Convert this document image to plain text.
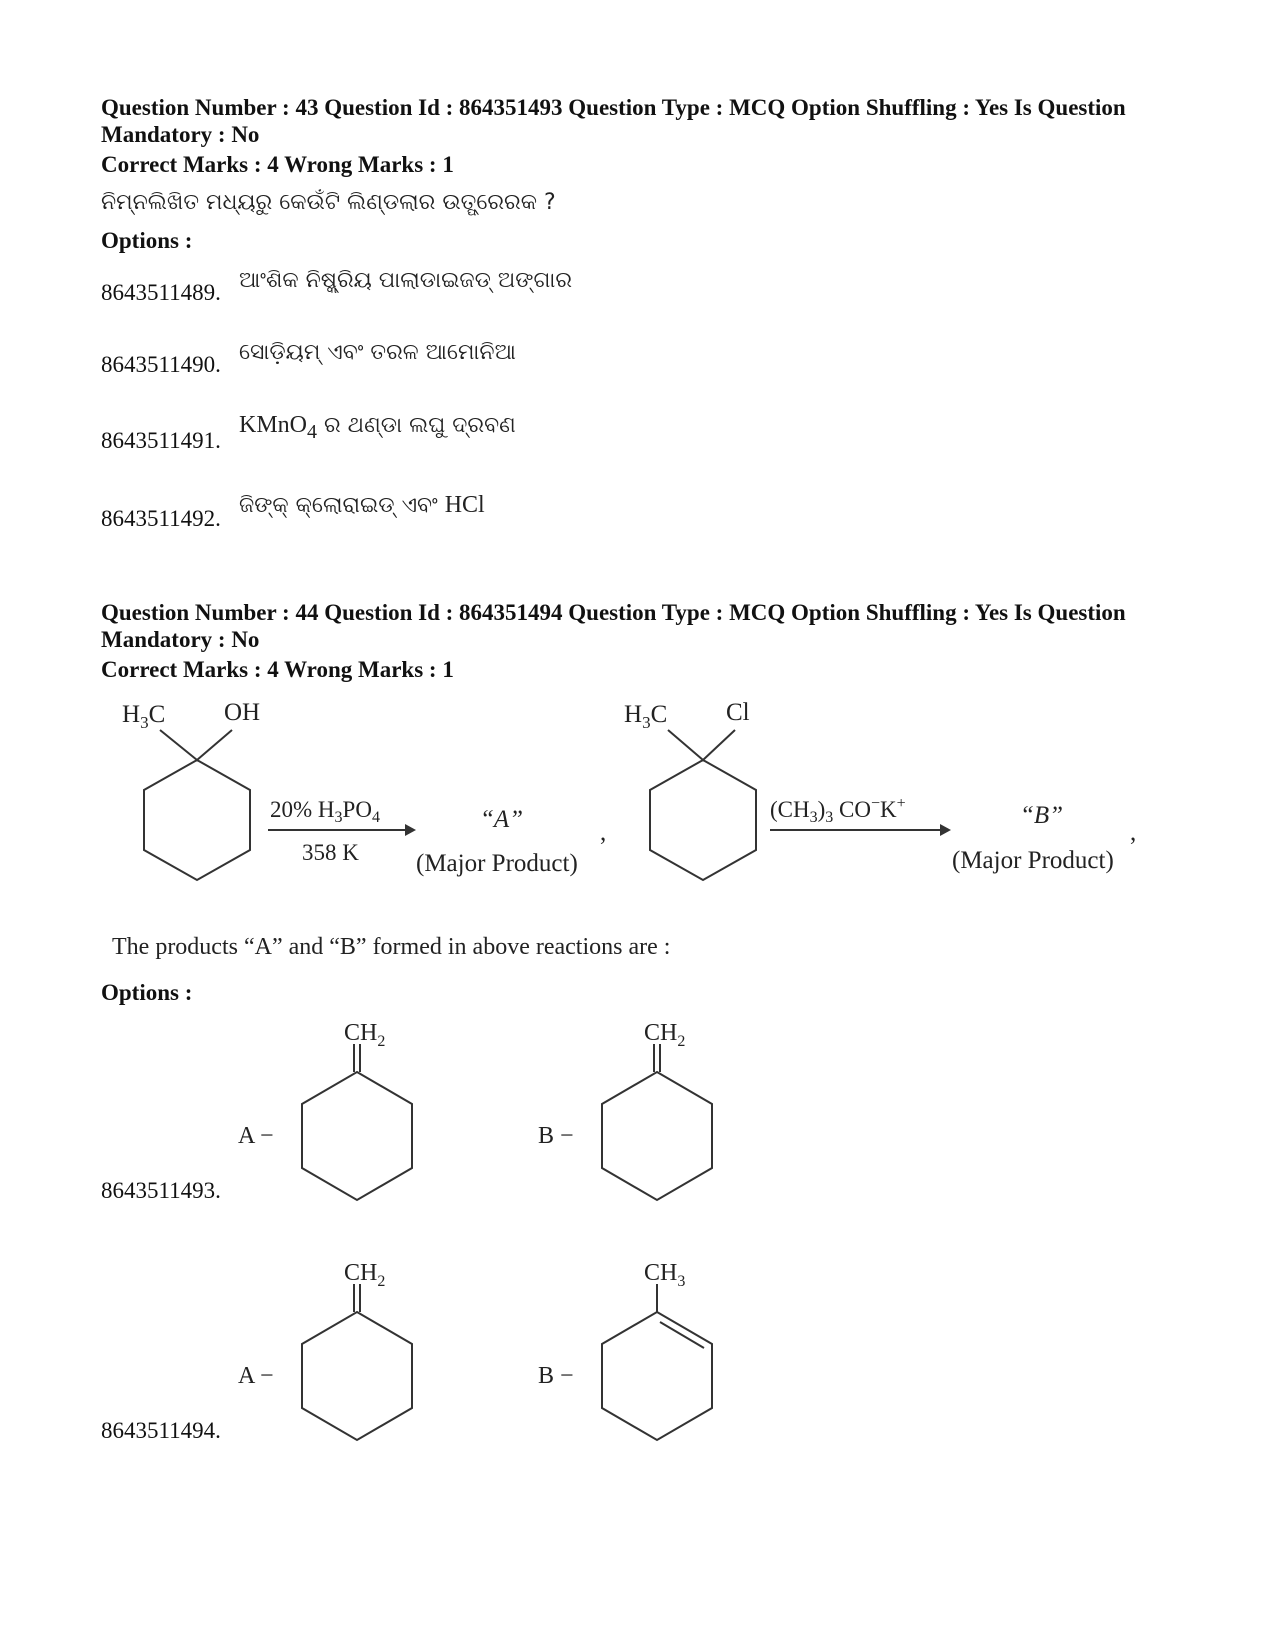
Question Number : 43 Question Id : 864351493 Question Type : MCQ Option Shuffling : Yes Is Question
Mandatory : No
Correct Marks : 4 Wrong Marks : 1
ନିମ୍ନଲିଖିତ ମଧ୍ୟରୁ କେଉଁଟି ଲିଣ୍ଡଲାର ଉତ୍ପ୍ରେରକ ?
Options :
8643511489. ଆଂଶିକ ନିଷ୍କ୍ରିୟ ପାଲାଡାଇଜଡ୍ ଅଙ୍ଗାର
8643511490. ସୋଡ଼ିୟମ୍ ଏବଂ ତରଳ ଆମୋନିଆ
8643511491.
KMnO$_4$ ର ଥଣ୍ଡା ଲଘୁ ଦ୍ରବଣ
8643511492.
ଜିଙ୍କ୍ କ୍ଲୋରାଇଡ୍ ଏବଂ HCl
Question Number : 44 Question Id : 864351494 Question Type : MCQ Option Shuffling : Yes Is Question
Mandatory : No
Correct Marks : 4 Wrong Marks : 1
$H_3C$ OH
20% $H_3PO_4$
358 K
“A”
(Major Product)
,
$H_3C$ Cl
$(CH_3)_3$ CO−K+	“B”
(Major Product)
,
The products “A” and “B” formed in above reactions are :
Options :
8643511493.
$CH_2$	$CH_2$
A −	B −
8643511494.
$CH_2$	$CH_3$
A −	B −
